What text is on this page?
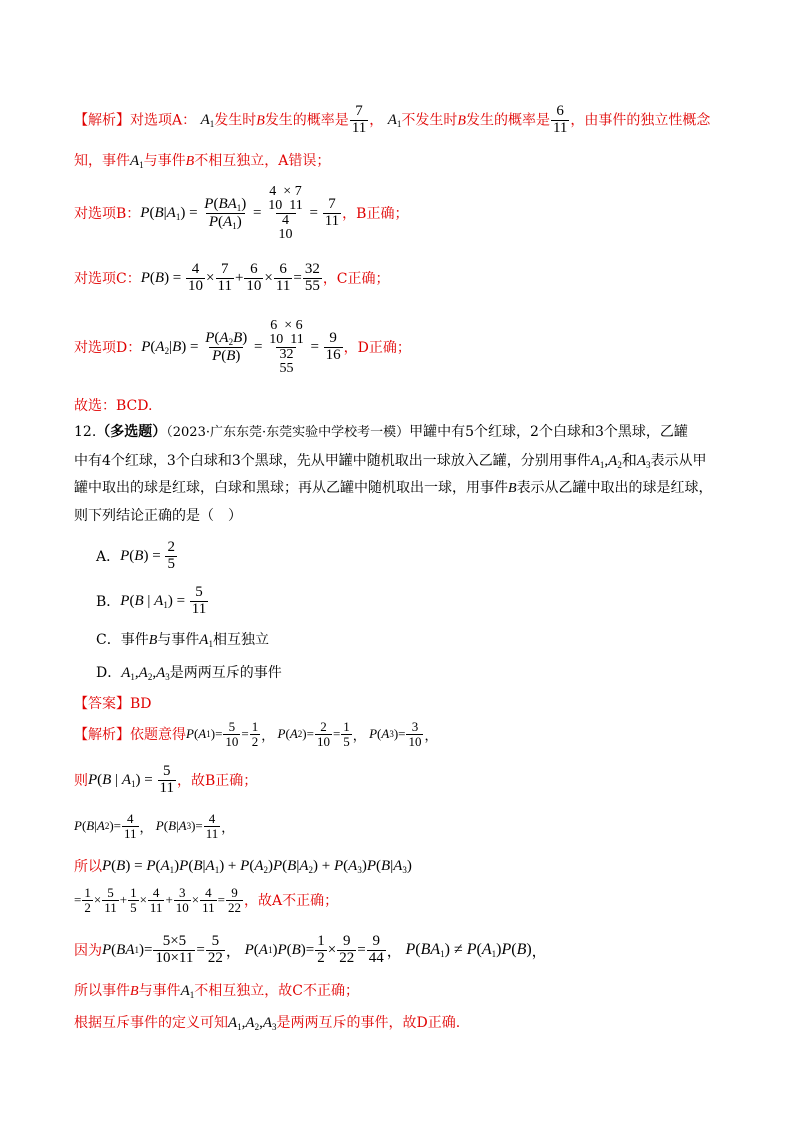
【解析】对选项A： $A_1$发生时B发生的概率是 $\frac{7}{11}$ ， $A_1$不发生时B发生的概率是 $\frac{6}{11}$ ，由事件的独立性概念
知，事件$A_1$与事件B不相互独立，A错误；
对选项B： $P(B|A_1) = \frac{P(BA_1)}{P(A_1)} = 4 \times 7$
10  11
4
$10 = \frac{7}{11}$ ，B正确；
对选项C： $P(B) = \frac{4}{10} \times \frac{7}{11} + \frac{6}{10} \times \frac{6}{11} = \frac{32}{55}$ ，C正确；
对选项D： $P(A_2|B) = \frac{P(A_2B)}{P(B)} = 6 \times 6$
10  11
32
$55 = \frac{9}{16}$ ，D正确；
故选：BCD.
12.（多选题）（2023·广东东莞·东莞实验中学校考一模）甲罐中有5个红球，2个白球和3个黑球，乙罐
中有4个红球，3个白球和3个黑球，先从甲罐中随机取出一球放入乙罐，分别用事件$A_1,A_2$和$A_3$表示从甲
罐中取出的球是红球，白球和黑球；再从乙罐中随机取出一球，用事件B表示从乙罐中取出的球是红球，
则下列结论正确的是（　）
A． $P(B) = \frac{2}{5}$
B． P(B | $A_1) = \frac{5}{11}$
C．事件B与事件$A_1$相互独立
D．$A_1,A_2,A_3$是两两互斥的事件
【答案】BD
【解析】 依题意得 P ( A 1 )= $\frac{5}{10} = \frac{1}{2}$ ， P ( A 2 )= $\frac{2}{10} = \frac{1}{5}$ ， P ( A 3 )= $\frac{3}{10}$ ，
则 P(B | $A_1) = \frac{5}{11}$ ，故B正确；
P ( B | A 2 )= $\frac{4}{11}$ ， P ( B | A 3 )= $\frac{4}{11}$ ，
所以 $P(B) = P(A_1)P(B|A_1) + P(A_2)P(B|A_2) + P(A_3)P(B|A_3)$
= $\frac{1}{2} \times \frac{5}{11} + \frac{1}{5} \times \frac{4}{11} + \frac{3}{10} \times \frac{4}{11} = \frac{9}{22}$ ，故A不正确；
因为 P ( BA 1 )= $\frac{5\times 5}{10\times 11} = \frac{5}{22}$ ， P ( A 1 ) P ( B )= $\frac{1}{2} \times \frac{9}{22} = \frac{9}{44}$ ， $P(BA_1) \ne P(A_1)P(B)$ ，
所以事件B与事件$A_1$不相互独立，故C不正确；
根据互斥事件的定义可知$A_1,A_2,A_3$是两两互斥的事件，故D正确.
